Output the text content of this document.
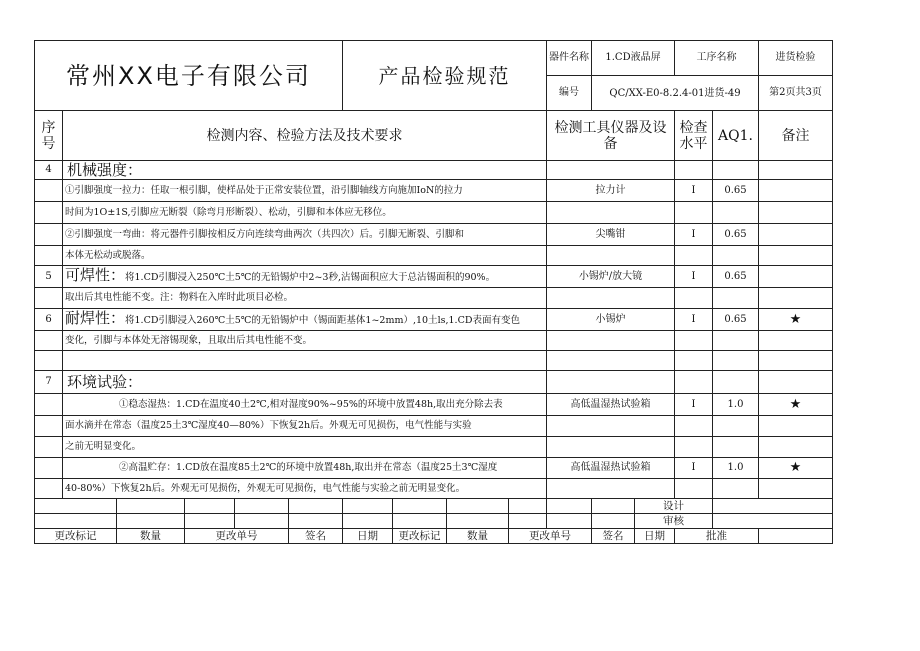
常州XX电子有限公司						产品检验规范				器件名称	1.CD液晶屏		工序名称		进货检验
										编号	QC/XX-E0-8.2.4-01进货-49				第2页共3页
序号	检测内容、检验方法及技术要求									检测工具仪器及设备			检查水平	AQ1.	备注
4	机械强度：														
	①引脚强度一拉力：任取一根引脚，使样品处于正常安装位置，沿引脚轴线方向施加IoN的拉力									拉力计			I	0.65	
	时间为1O±1S,引脚应无断裂（除弯月形断裂）、松动，引脚和本体应无移位。														
	②引脚强度一弯曲：将元器件引脚按相反方向连续弯曲两次（共四次）后。引脚无断裂、引脚和									尖嘴钳			I	0.65	
	本体无松动或脱落。														
5	可焊性：将1.CD引脚浸入250℃土5℃的无铅锡炉中2~3秒,沾锡面积应大于总沾锡面积的90%。									小锡炉/放大镜			I	0.65	
	取出后其电性能不变。注：物料在入库时此项目必检。														
6	耐焊性：将1.CD引脚浸入260℃土5℃的无铅锡炉中（锡面距基体1~2mm）,10土ls,1.CD表面有变色									小锡炉			I	0.65	★
	变化，引脚与本体处无溶锡现象，且取出后其电性能不变。														

7	环境试验：														
	①稳态湿热：1.CD在温度40土2℃,相对湿度90%~95%的环境中放置48h,取出充分除去表									高低温湿热试验箱			I	1.0	★
	面水滴并在常态（温度25土3℃湿度40—80%）下恢复2h后。外观无可见损伤，电气性能与实验														
	之前无明显变化。														
	②高温贮存：1.CD放在温度85土2℃的环境中放置48h,取出并在常态（温度25土3℃湿度									高低温湿热试验箱			I	1.0	★
	40-80%）下恢复2h后。外观无可见损伤，外观无可见损伤，电气性能与实验之前无明显变化。														
												设计			
												审核			
更改标记		数量	更改单号		签名	日期	更改标记	数量	更改单号		签名	日期	批准		
